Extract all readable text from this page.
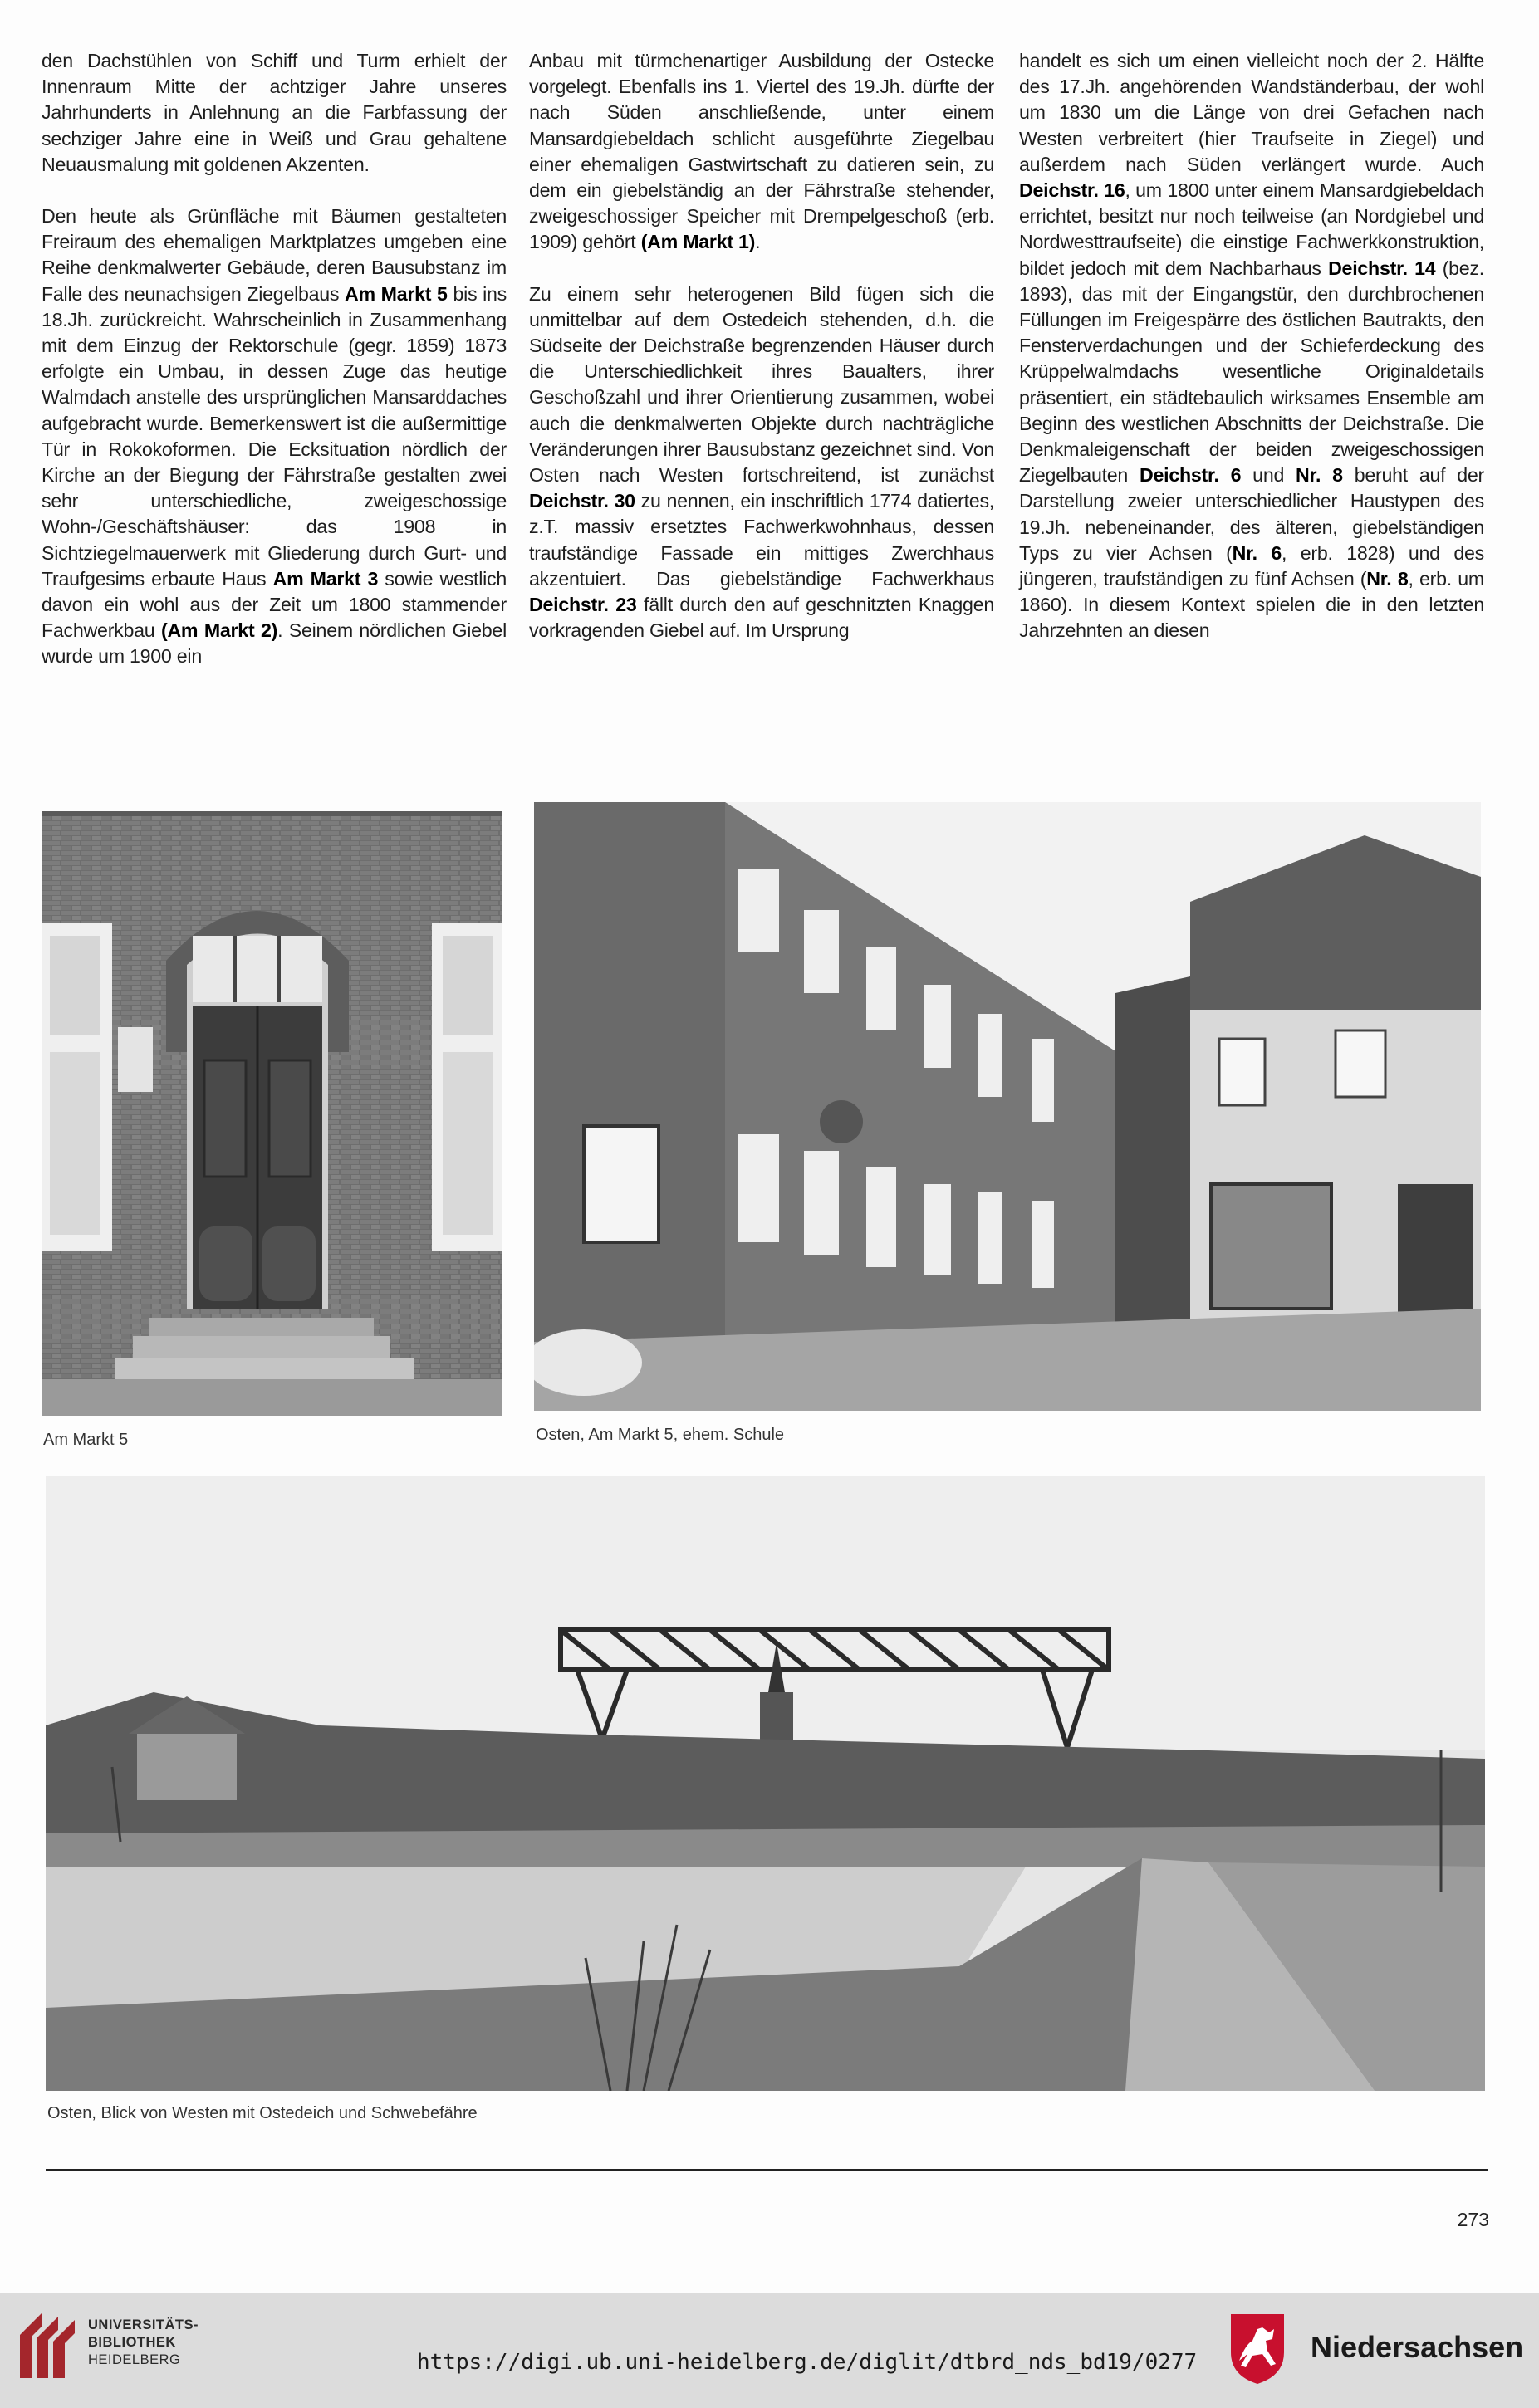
den Dachstühlen von Schiff und Turm erhielt der Innenraum Mitte der achtziger Jahre unseres Jahrhunderts in Anlehnung an die Farbfassung der sechziger Jahre eine in Weiß und Grau gehaltene Neuausmalung mit goldenen Akzenten.

Den heute als Grünfläche mit Bäumen gestalteten Freiraum des ehemaligen Marktplatzes umgeben eine Reihe denkmalwerter Gebäude, deren Bausubstanz im Falle des neunachsigen Ziegelbaus Am Markt 5 bis ins 18.Jh. zurückreicht. Wahrscheinlich in Zusammenhang mit dem Einzug der Rektorschule (gegr. 1859) 1873 erfolgte ein Umbau, in dessen Zuge das heutige Walmdach anstelle des ursprünglichen Mansarddaches aufgebracht wurde. Bemerkenswert ist die außermittige Tür in Rokokoformen. Die Ecksituation nördlich der Kirche an der Biegung der Fährstraße gestalten zwei sehr unterschiedliche, zweigeschossige Wohn-/Geschäftshäuser: das 1908 in Sichtziegelmauerwerk mit Gliederung durch Gurt- und Traufgesims erbaute Haus Am Markt 3 sowie westlich davon ein wohl aus der Zeit um 1800 stammender Fachwerkbau (Am Markt 2). Seinem nördlichen Giebel wurde um 1900 ein

Anbau mit türmchenartiger Ausbildung der Ostecke vorgelegt. Ebenfalls ins 1. Viertel des 19.Jh. dürfte der nach Süden anschließende, unter einem Mansardgiebeldach schlicht ausgeführte Ziegelbau einer ehemaligen Gastwirtschaft zu datieren sein, zu dem ein giebelständig an der Fährstraße stehender, zweigeschossiger Speicher mit Drempelgeschoß (erb. 1909) gehört (Am Markt 1).

Zu einem sehr heterogenen Bild fügen sich die unmittelbar auf dem Ostedeich stehenden, d.h. die Südseite der Deichstraße begrenzenden Häuser durch die Unterschiedlichkeit ihres Baualters, ihrer Geschoßzahl und ihrer Orientierung zusammen, wobei auch die denkmalwerten Objekte durch nachträgliche Veränderungen ihrer Bausubstanz gezeichnet sind. Von Osten nach Westen fortschreitend, ist zunächst Deichstr. 30 zu nennen, ein inschriftlich 1774 datiertes, z.T. massiv ersetztes Fachwerkwohnhaus, dessen traufständige Fassade ein mittiges Zwerchhaus akzentuiert. Das giebelständige Fachwerkhaus Deichstr. 23 fällt durch den auf geschnitzten Knaggen vorkragenden Giebel auf. Im Ursprung

handelt es sich um einen vielleicht noch der 2. Hälfte des 17.Jh. angehörenden Wandständerbau, der wohl um 1830 um die Länge von drei Gefachen nach Westen verbreitert (hier Traufseite in Ziegel) und außerdem nach Süden verlängert wurde. Auch Deichstr. 16, um 1800 unter einem Mansardgiebeldach errichtet, besitzt nur noch teilweise (an Nordgiebel und Nordwesttraufseite) die einstige Fachwerkkonstruktion, bildet jedoch mit dem Nachbarhaus Deichstr. 14 (bez. 1893), das mit der Eingangstür, den durchbrochenen Füllungen im Freigespärre des östlichen Bautrakts, den Fensterverdachungen und der Schieferdeckung des Krüppelwalmdachs wesentliche Originaldetails präsentiert, ein städtebaulich wirksames Ensemble am Beginn des westlichen Abschnitts der Deichstraße. Die Denkmaleigenschaft der beiden zweigeschossigen Ziegelbauten Deichstr. 6 und Nr. 8 beruht auf der Darstellung zweier unterschiedlicher Haustypen des 19.Jh. nebeneinander, des älteren, giebelständigen Typs zu vier Achsen (Nr. 6, erb. 1828) und des jüngeren, traufständigen zu fünf Achsen (Nr. 8, erb. um 1860). In diesem Kontext spielen die in den letzten Jahrzehnten an diesen

Am Markt 5	Osten, Am Markt 5, ehem. Schule
Osten, Blick von Westen mit Ostedeich und Schwebefähre
273
UNIVERSITÄTS-
BIBLIOTHEK
HEIDELBERG	https://digi.ub.uni-heidelberg.de/diglit/dtbrd_nds_bd19/0277	Niedersachsen
